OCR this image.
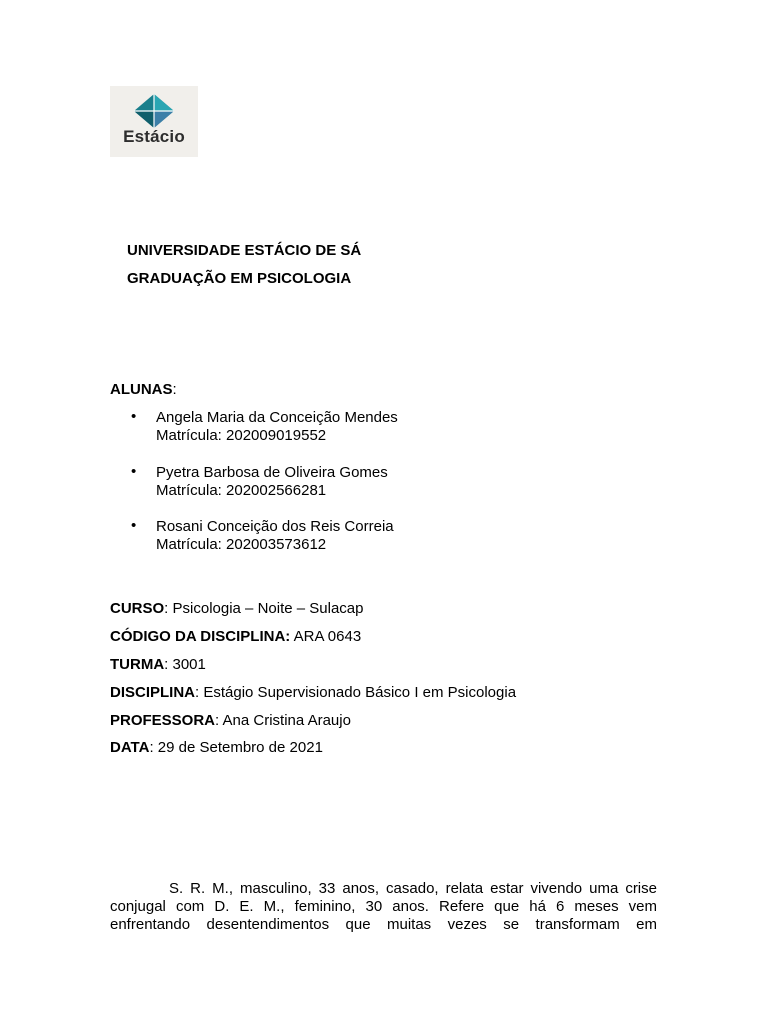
Estácio
UNIVERSIDADE ESTÁCIO DE SÁ
GRADUAÇÃO EM PSICOLOGIA
ALUNAS:
• Angela Maria da Conceição Mendes
Matrícula: 202009019552
• Pyetra Barbosa de Oliveira Gomes
Matrícula: 202002566281
• Rosani Conceição dos Reis Correia
Matrícula: 202003573612
CURSO: Psicologia – Noite – Sulacap
CÓDIGO DA DISCIPLINA: ARA 0643
TURMA: 3001
DISCIPLINA: Estágio Supervisionado Básico I em Psicologia
PROFESSORA: Ana Cristina Araujo
DATA: 29 de Setembro de 2021
S. R. M., masculino, 33 anos, casado, relata estar vivendo uma crise conjugal com D. E. M., feminino, 30 anos. Refere que há 6 meses vem enfrentando desentendimentos que muitas vezes se transformam em
